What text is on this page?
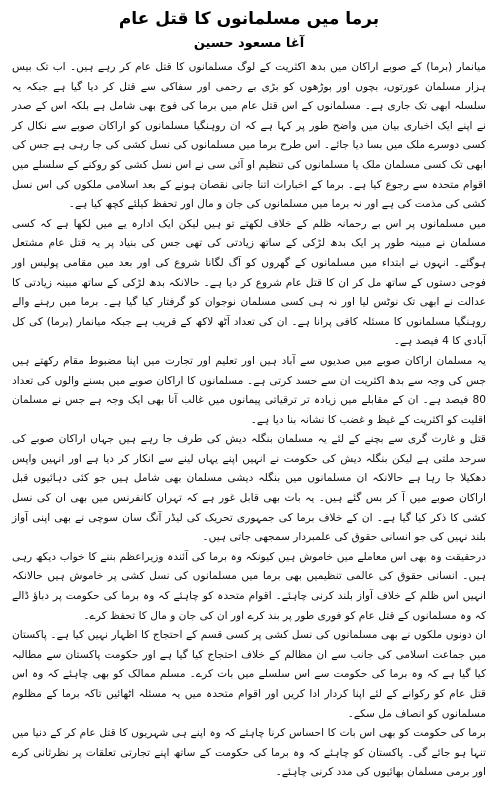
برما میں مسلمانوں کا قتل عام
آغا مسعود حسین

میانمار (برما) کے صوبے اراکان میں بدھ اکثریت کے لوگ مسلمانوں کا قتل عام کر رہے ہیں۔ اب تک بیس ہزار مسلمان عورتوں، بچوں اور بوڑھوں کو بڑی بے رحمی اور سفاکی سے قتل کر دیا گیا ہے جبکہ یہ سلسلہ ابھی تک جاری ہے۔ مسلمانوں کے اس قتل عام میں برما کی فوج بھی شامل ہے بلکہ اس کے صدر نے اپنے ایک اخباری بیان میں واضح طور پر کہا ہے کہ ان روہنگیا مسلمانوں کو اراکان صوبے سے نکال کر کسی دوسرے ملک میں بسا دیا جائے۔ اس طرح برما میں مسلمانوں کی نسل کشی کی جا رہی ہے جس کی ابھی تک کسی مسلمان ملک یا مسلمانوں کی تنظیم او آئی سی نے اس نسل کشی کو روکنے کے سلسلے میں اقوام متحدہ سے رجوع کیا ہے۔ برما کے اخبارات اتنا جانی نقصان ہونے کے بعد اسلامی ملکوں کی اس نسل کشی کی مذمت کی ہے اور نہ برما میں مسلمانوں کی جان و مال اور تحفظ کیلئے کچھ کیا ہے۔

میں مسلمانوں پر اس بے رحمانہ ظلم کے خلاف لکھتے تو ہیں لیکن ایک ادارہ یے میں لکھا ہے کہ کسی مسلمان نے مبینہ طور پر ایک بدھ لڑکی کے ساتھ زیادتی کی تھی جس کی بنیاد پر یہ قتل عام مشتعل ہوگئے۔ انہوں نے ابتداء میں مسلمانوں کے گھروں کو آگ لگانا شروع کی اور بعد میں مقامی پولیس اور فوجی دستوں کے ساتھ مل کر ان کا قتل عام شروع کر دیا ہے۔ حالانکہ بدھ لڑکی کے ساتھ مبینہ زیادتی کا عدالت نے ابھی تک نوٹس لیا اور نہ ہی کسی مسلمان نوجوان کو گرفتار کیا گیا ہے۔ برما میں رہنے والے روہنگیا مسلمانوں کا مسئلہ کافی پرانا ہے۔ ان کی تعداد آٹھ لاکھ کے قریب ہے جبکہ میانمار (برما) کی کل آبادی کا 4 فیصد ہے۔

یہ مسلمان اراکان صوبے میں صدیوں سے آباد ہیں اور تعلیم اور تجارت میں اپنا مضبوط مقام رکھتے ہیں جس کی وجہ سے بدھ اکثریت ان سے حسد کرتی ہے۔ مسلمانوں کا اراکان صوبے میں بسنے والوں کی تعداد 80 فیصد ہے۔ ان کے مقابلے میں زیادہ تر ترقیاتی پیمانوں میں غالب آنا بھی ایک وجہ ہے جس نے مسلمان اقلیت کو اکثریت کے غیظ و غضب کا نشانہ بنا دیا ہے۔

قتل و غارت گری سے بچنے کے لئے یہ مسلمان بنگلہ دیش کی طرف جا رہے ہیں جہاں اراکان صوبے کی سرحد ملتی ہے لیکن بنگلہ دیش کی حکومت نے انہیں اپنے یہاں لینے سے انکار کر دیا ہے اور انہیں واپس دھکیلا جا رہا ہے حالانکہ ان مسلمانوں میں بنگلہ دیشی مسلمان بھی شامل ہیں جو کئی دہائیوں قبل اراکان صوبے میں آ کر بس گئے ہیں۔ یہ بات بھی قابل غور ہے کہ تہران کانفرنس میں بھی ان کی نسل کشی کا ذکر کیا گیا ہے۔ ان کے خلاف برما کی جمہوری تحریک کی لیڈر آنگ سان سوچی نے بھی اپنی آواز بلند نہیں کی جو انسانی حقوق کی علمبردار سمجھی جاتی ہیں۔

درحقیقت وہ بھی اس معاملے میں خاموش ہیں کیونکہ وہ برما کی آئندہ وزیراعظم بننے کا خواب دیکھ رہی ہیں۔ انسانی حقوق کی عالمی تنظیمیں بھی برما میں مسلمانوں کی نسل کشی پر خاموش ہیں حالانکہ انہیں اس ظلم کے خلاف آواز بلند کرنی چاہئے۔ اقوام متحدہ کو چاہئے کہ وہ برما کی حکومت پر دباؤ ڈالے کہ وہ مسلمانوں کے قتل عام کو فوری طور پر بند کرے اور ان کی جان و مال کا تحفظ کرے۔

ان دونوں ملکوں نے بھی مسلمانوں کی نسل کشی پر کسی قسم کے احتجاج کا اظہار نہیں کیا ہے۔ پاکستان میں جماعت اسلامی کی جانب سے ان مظالم کے خلاف احتجاج کیا گیا ہے اور حکومت پاکستان سے مطالبہ کیا گیا ہے کہ وہ برما کی حکومت سے اس سلسلے میں بات کرے۔ مسلم ممالک کو بھی چاہئے کہ وہ اس قتل عام کو رکوانے کے لئے اپنا کردار ادا کریں اور اقوام متحدہ میں یہ مسئلہ اٹھائیں تاکہ برما کے مظلوم مسلمانوں کو انصاف مل سکے۔

برما کی حکومت کو بھی اس بات کا احساس کرنا چاہئے کہ وہ اپنے ہی شہریوں کا قتل عام کر کے دنیا میں تنہا ہو جائے گی۔ پاکستان کو چاہئے کہ وہ برما کی حکومت کے ساتھ اپنے تجارتی تعلقات پر نظرثانی کرے اور برمی مسلمان بھائیوں کی مدد کرنی چاہئے۔
